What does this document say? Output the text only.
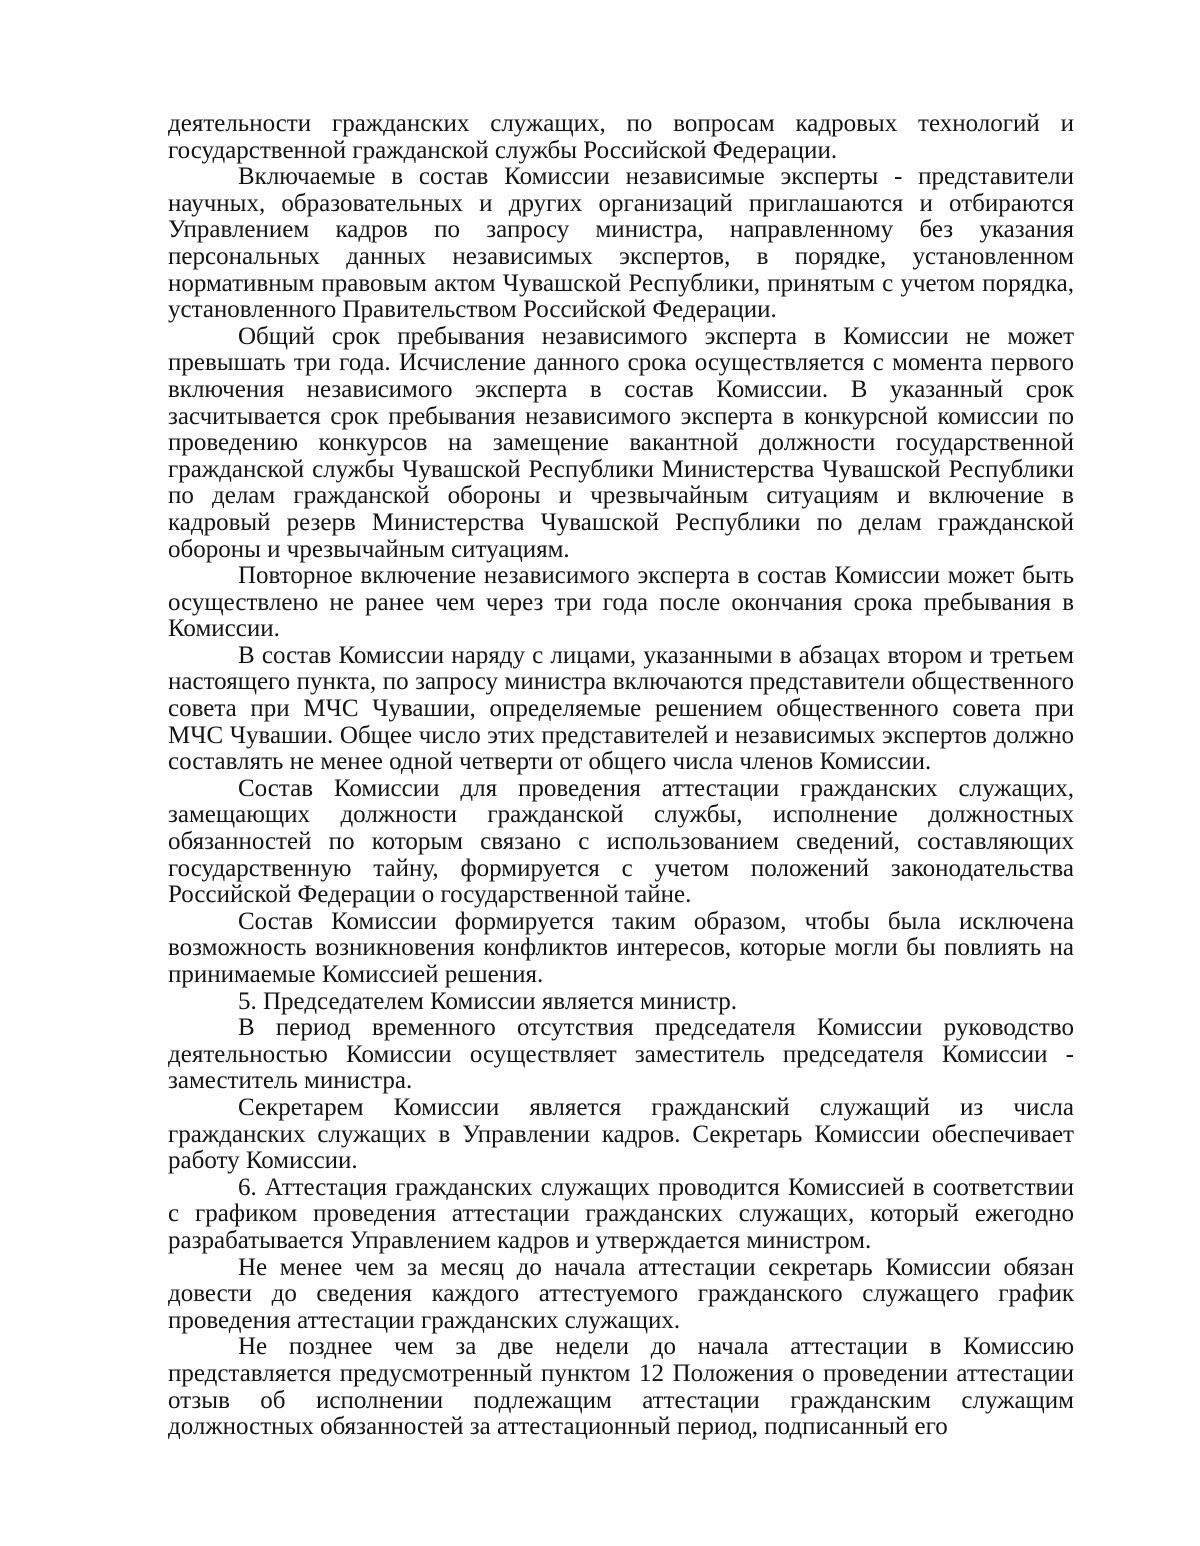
деятельности гражданских служащих, по вопросам кадровых технологий и государственной гражданской службы Российской Федерации.

Включаемые в состав Комиссии независимые эксперты - представители научных, образовательных и других организаций приглашаются и отбираются Управлением кадров по запросу министра, направленному без указания персональных данных независимых экспертов, в порядке, установленном нормативным правовым актом Чувашской Республики, принятым с учетом порядка, установленного Правительством Российской Федерации.

Общий срок пребывания независимого эксперта в Комиссии не может превышать три года. Исчисление данного срока осуществляется с момента первого включения независимого эксперта в состав Комиссии. В указанный срок засчитывается срок пребывания независимого эксперта в конкурсной комиссии по проведению конкурсов на замещение вакантной должности государственной гражданской службы Чувашской Республики Министерства Чувашской Республики по делам гражданской обороны и чрезвычайным ситуациям и включение в кадровый резерв Министерства Чувашской Республики по делам гражданской обороны и чрезвычайным ситуациям.

Повторное включение независимого эксперта в состав Комиссии может быть осуществлено не ранее чем через три года после окончания срока пребывания в Комиссии.

В состав Комиссии наряду с лицами, указанными в абзацах втором и третьем настоящего пункта, по запросу министра включаются представители общественного совета при МЧС Чувашии, определяемые решением общественного совета при МЧС Чувашии. Общее число этих представителей и независимых экспертов должно составлять не менее одной четверти от общего числа членов Комиссии.

Состав Комиссии для проведения аттестации гражданских служащих, замещающих должности гражданской службы, исполнение должностных обязанностей по которым связано с использованием сведений, составляющих государственную тайну, формируется с учетом положений законодательства Российской Федерации о государственной тайне.

Состав Комиссии формируется таким образом, чтобы была исключена возможность возникновения конфликтов интересов, которые могли бы повлиять на принимаемые Комиссией решения.

5. Председателем Комиссии является министр.

В период временного отсутствия председателя Комиссии руководство деятельностью Комиссии осуществляет заместитель председателя Комиссии - заместитель министра.

Секретарем Комиссии является гражданский служащий из числа гражданских служащих в Управлении кадров. Секретарь Комиссии обеспечивает работу Комиссии.

6. Аттестация гражданских служащих проводится Комиссией в соответствии с графиком проведения аттестации гражданских служащих, который ежегодно разрабатывается Управлением кадров и утверждается министром.

Не менее чем за месяц до начала аттестации секретарь Комиссии обязан довести до сведения каждого аттестуемого гражданского служащего график проведения аттестации гражданских служащих.

Не позднее чем за две недели до начала аттестации в Комиссию представляется предусмотренный пунктом 12 Положения о проведении аттестации отзыв об исполнении подлежащим аттестации гражданским служащим должностных обязанностей за аттестационный период, подписанный его
